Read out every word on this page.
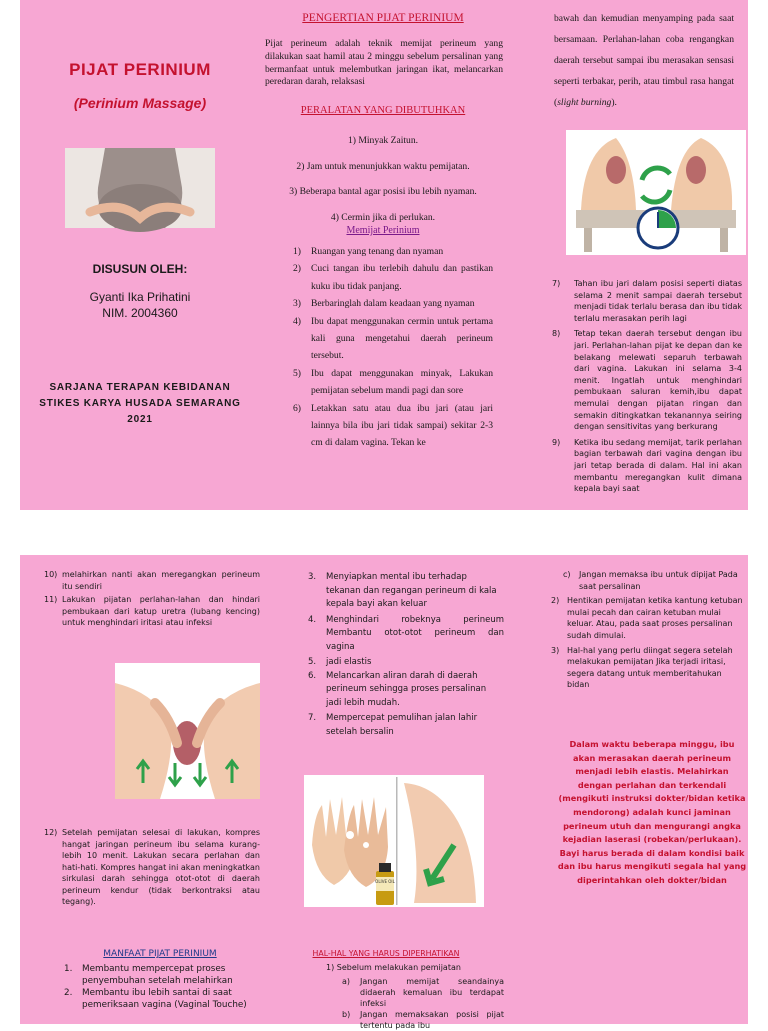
PIJAT PERINIUM
(Perinium Massage)
DISUSUN OLEH:
Gyanti Ika Prihatini
NIM. 2004360
SARJANA TERAPAN KEBIDANAN
STIKES KARYA HUSADA SEMARANG
2021
PENGERTIAN PIJAT PERINIUM
Pijat perineum adalah teknik memijat perineum yang dilakukan saat hamil atau 2 minggu sebelum persalinan yang bermanfaat untuk melembutkan jaringan ikat, melancarkan peredaran darah, relaksasi
PERALATAN YANG DIBUTUHKAN
1) Minyak Zaitun.
2) Jam untuk menunjukkan waktu pemijatan.
3) Beberapa bantal agar posisi ibu lebih nyaman.
4) Cermin jika di perlukan.
Memijat Perinium
1)	Ruangan yang tenang dan nyaman
2)	Cuci tangan ibu terlebih dahulu dan pastikan kuku ibu tidak panjang.
3)	Berbaringlah dalam keadaan yang nyaman
4)	Ibu dapat menggunakan cermin untuk pertama kali guna mengetahui daerah perineum tersebut.
5)	Ibu dapat menggunakan minyak, Lakukan pemijatan sebelum mandi pagi dan sore
6)	Letakkan satu atau dua ibu jari (atau jari lainnya bila ibu jari tidak sampai) sekitar 2-3 cm di dalam vagina. Tekan ke
bawah dan kemudian menyamping pada saat bersamaan. Perlahan-lahan coba rengangkan daerah tersebut sampai ibu merasakan sensasi seperti terbakar, perih, atau timbul rasa hangat (slight burning).
7)	Tahan ibu jari dalam posisi seperti diatas selama 2 menit sampai daerah tersebut menjadi tidak terlalu berasa dan ibu tidak terlalu merasakan perih lagi
8)	Tetap tekan daerah tersebut dengan ibu jari. Perlahan-lahan pijat ke depan dan ke belakang melewati separuh terbawah dari vagina. Lakukan ini selama 3-4 menit. Ingatlah untuk menghindari pembukaan saluran kemih,ibu dapat memulai dengan pijatan ringan dan semakin ditingkatkan tekanannya seiring dengan sensitivitas yang berkurang
9)	Ketika ibu sedang memijat, tarik perlahan bagian terbawah dari vagina dengan ibu jari tetap berada di dalam. Hal ini akan membantu meregangkan kulit dimana kepala bayi saat
10) melahirkan nanti akan meregangkan perineum itu sendiri
11) Lakukan pijatan perlahan-lahan dan hindari pembukaan dari katup uretra (lubang kencing) untuk menghindari iritasi atau infeksi
12) Setelah pemijatan selesai di lakukan, kompres hangat jaringan perineum ibu selama kurang-lebih 10 menit. Lakukan secara perlahan dan hati-hati. Kompres hangat ini akan meningkatkan sirkulasi darah sehingga otot-otot di daerah perineum kendur (tidak berkontraksi atau tegang).
MANFAAT PIJAT PERINIUM
1.	Membantu mempercepat proses penyembuhan setelah melahirkan
2.	Membantu ibu lebih santai di saat pemeriksaan vagina (Vaginal Touche)
3.	Menyiapkan mental ibu terhadap tekanan dan regangan perineum di kala kepala bayi akan keluar
4.	Menghindari robeknya perineum Membantu otot-otot perineum dan vagina
5.	jadi elastis
6.	Melancarkan aliran darah di daerah perineum sehingga proses persalinan jadi lebih mudah.
7.	Mempercepat pemulihan jalan lahir setelah bersalin
OLIVE OIL
HAL-HAL YANG HARUS DIPERHATIKAN
1) Sebelum melakukan pemijatan
a)	Jangan memijat seandainya didaerah kemaluan ibu terdapat infeksi
b)	Jangan memaksakan posisi pijat tertentu pada ibu
c)	Jangan memaksa ibu untuk dipijat Pada saat persalinan
2) Hentikan pemijatan ketika kantung ketuban mulai pecah dan cairan ketuban mulai keluar. Atau, pada saat proses persalinan sudah dimulai.
3) Hal-hal yang perlu diingat segera setelah melakukan pemijatan Jika terjadi iritasi, segera datang untuk memberitahukan bidan
Dalam waktu beberapa minggu, ibu akan merasakan daerah perineum menjadi lebih elastis. Melahirkan dengan perlahan dan terkendali (mengikuti instruksi dokter/bidan ketika mendorong) adalah kunci jaminan perineum utuh dan mengurangi angka kejadian laserasi (robekan/perlukaan). Bayi harus berada di dalam kondisi baik dan ibu harus mengikuti segala hal yang diperintahkan oleh dokter/bidan
